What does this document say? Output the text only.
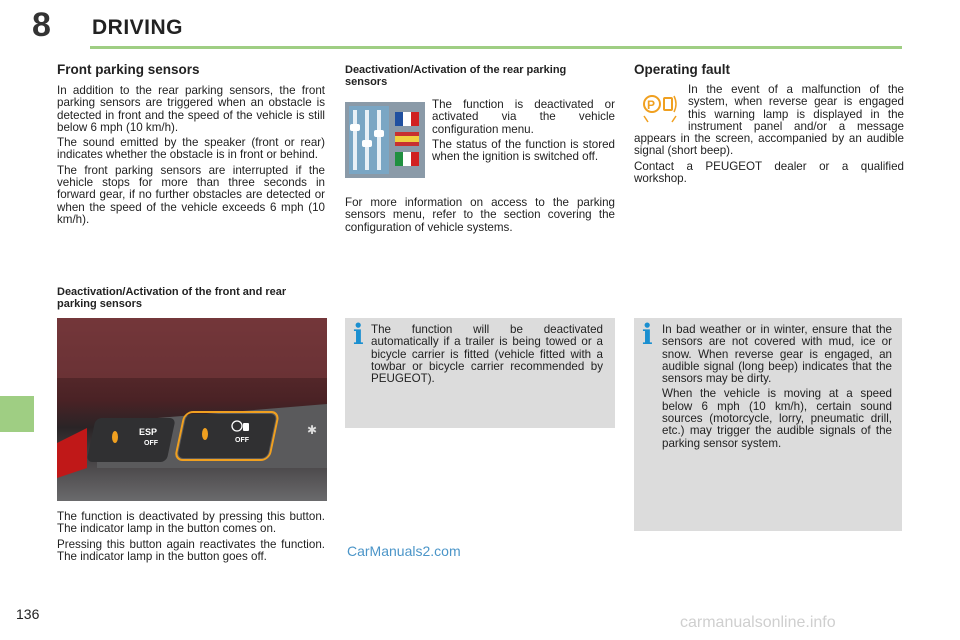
8 DRIVING
Front parking sensors

In addition to the rear parking sensors, the front parking sensors are triggered when an obstacle is detected in front and the speed of the vehicle is still below 6 mph (10 km/h).

The sound emitted by the speaker (front or rear) indicates whether the obstacle is in front or behind.

The front parking sensors are interrupted if the vehicle stops for more than three seconds in forward gear, if no further obstacles are detected or when the speed of the vehicle exceeds 6 mph (10 km/h).

Deactivation/Activation of the front and rear parking sensors
ESP
OFF	OFF
✱

The function is deactivated by pressing this button. The indicator lamp in the button comes on.

Pressing this button again reactivates the function. The indicator lamp in the button goes off.

Deactivation/Activation of the rear parking sensors

The function is deactivated or activated via the vehicle configuration menu.

The status of the function is stored when the ignition is switched off.

For more information on access to the parking sensors menu, refer to the section covering the configuration of vehicle systems.

i The function will be deactivated automatically if a trailer is being towed or a bicycle carrier is fitted (vehicle fitted with a towbar or bicycle carrier recommended by PEUGEOT).

Operating fault
P

In the event of a malfunction of the system, when reverse gear is engaged this warning lamp is displayed in the instrument panel and/or a message appears in the screen, accompanied by an audible signal (short beep).

Contact a PEUGEOT dealer or a qualified workshop.

i In bad weather or in winter, ensure that the sensors are not covered with mud, ice or snow. When reverse gear is engaged, an audible signal (long beep) indicates that the sensors may be dirty.

When the vehicle is moving at a speed below 6 mph (10 km/h), certain sound sources (motorcycle, lorry, pneumatic drill, etc.) may trigger the audible signals of the parking sensor system.

136
CarManuals2.com
carmanualsonline.info
